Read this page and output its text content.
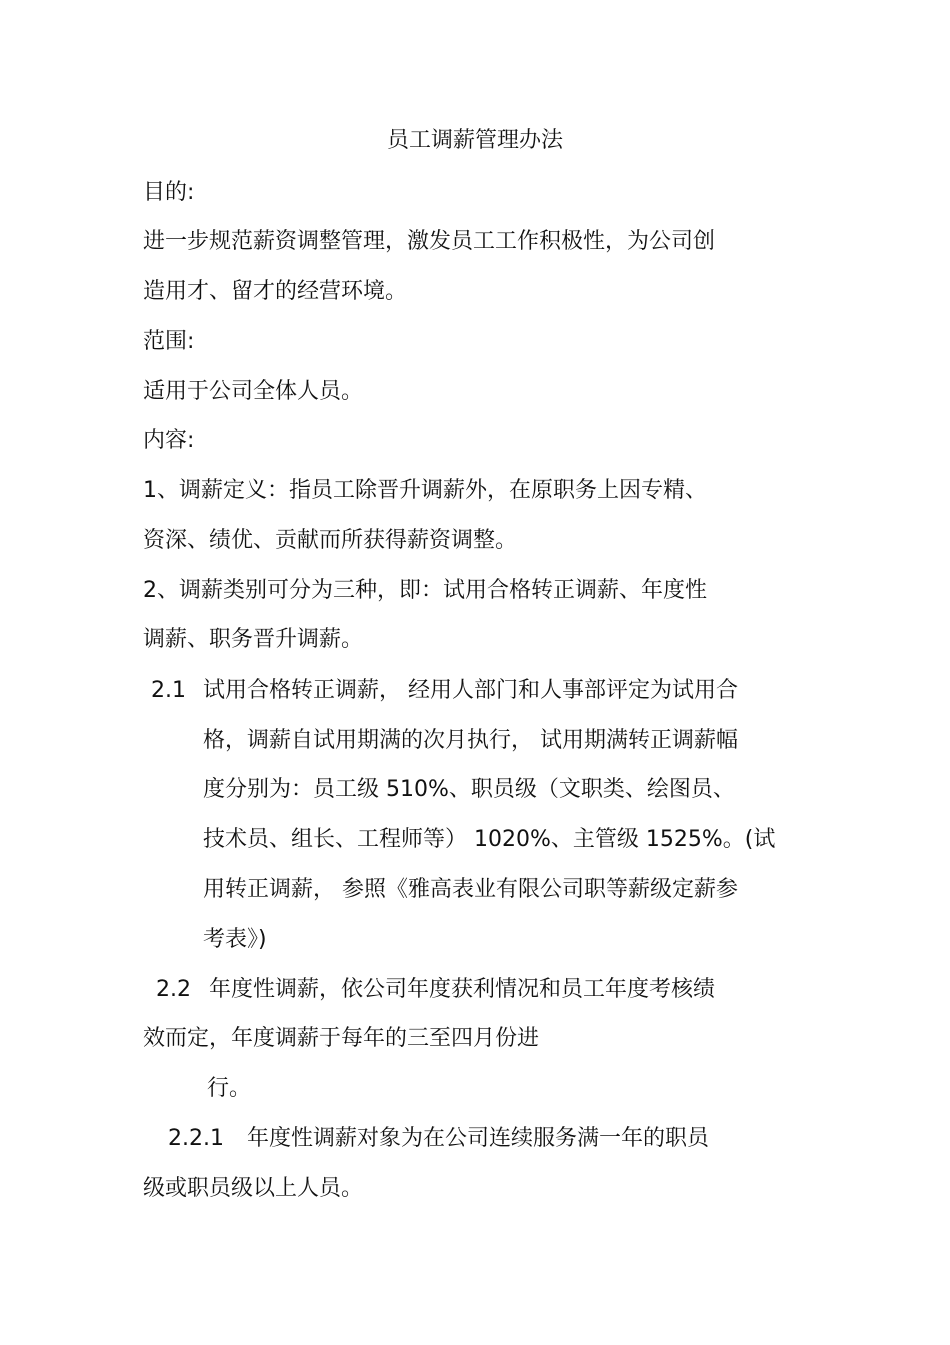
员工调薪管理办法
目的:
进一步规范薪资调整管理，激发员工工作积极性，为公司创
造用才、留才的经营环境。
范围:
适用于公司全体人员。
内容:
1、调薪定义：指员工除晋升调薪外，在原职务上因专精、
资深、绩优、贡献而所获得薪资调整。
2、调薪类别可分为三种，即：试用合格转正调薪、年度性
调薪、职务晋升调薪。
2.1 试用合格转正调薪， 经用人部门和人事部评定为试用合
格，调薪自试用期满的次月执行， 试用期满转正调薪幅
度分别为：员工级 510%、职员级（文职类、绘图员、
技术员、组长、工程师等） 1020%、主管级 1525%。(试
用转正调薪， 参照《雅高表业有限公司职等薪级定薪参
考表》)
2.2 年度性调薪，依公司年度获利情况和员工年度考核绩
效而定，年度调薪于每年的三至四月份进
行。
2.2.1 年度性调薪对象为在公司连续服务满一年的职员
级或职员级以上人员。
